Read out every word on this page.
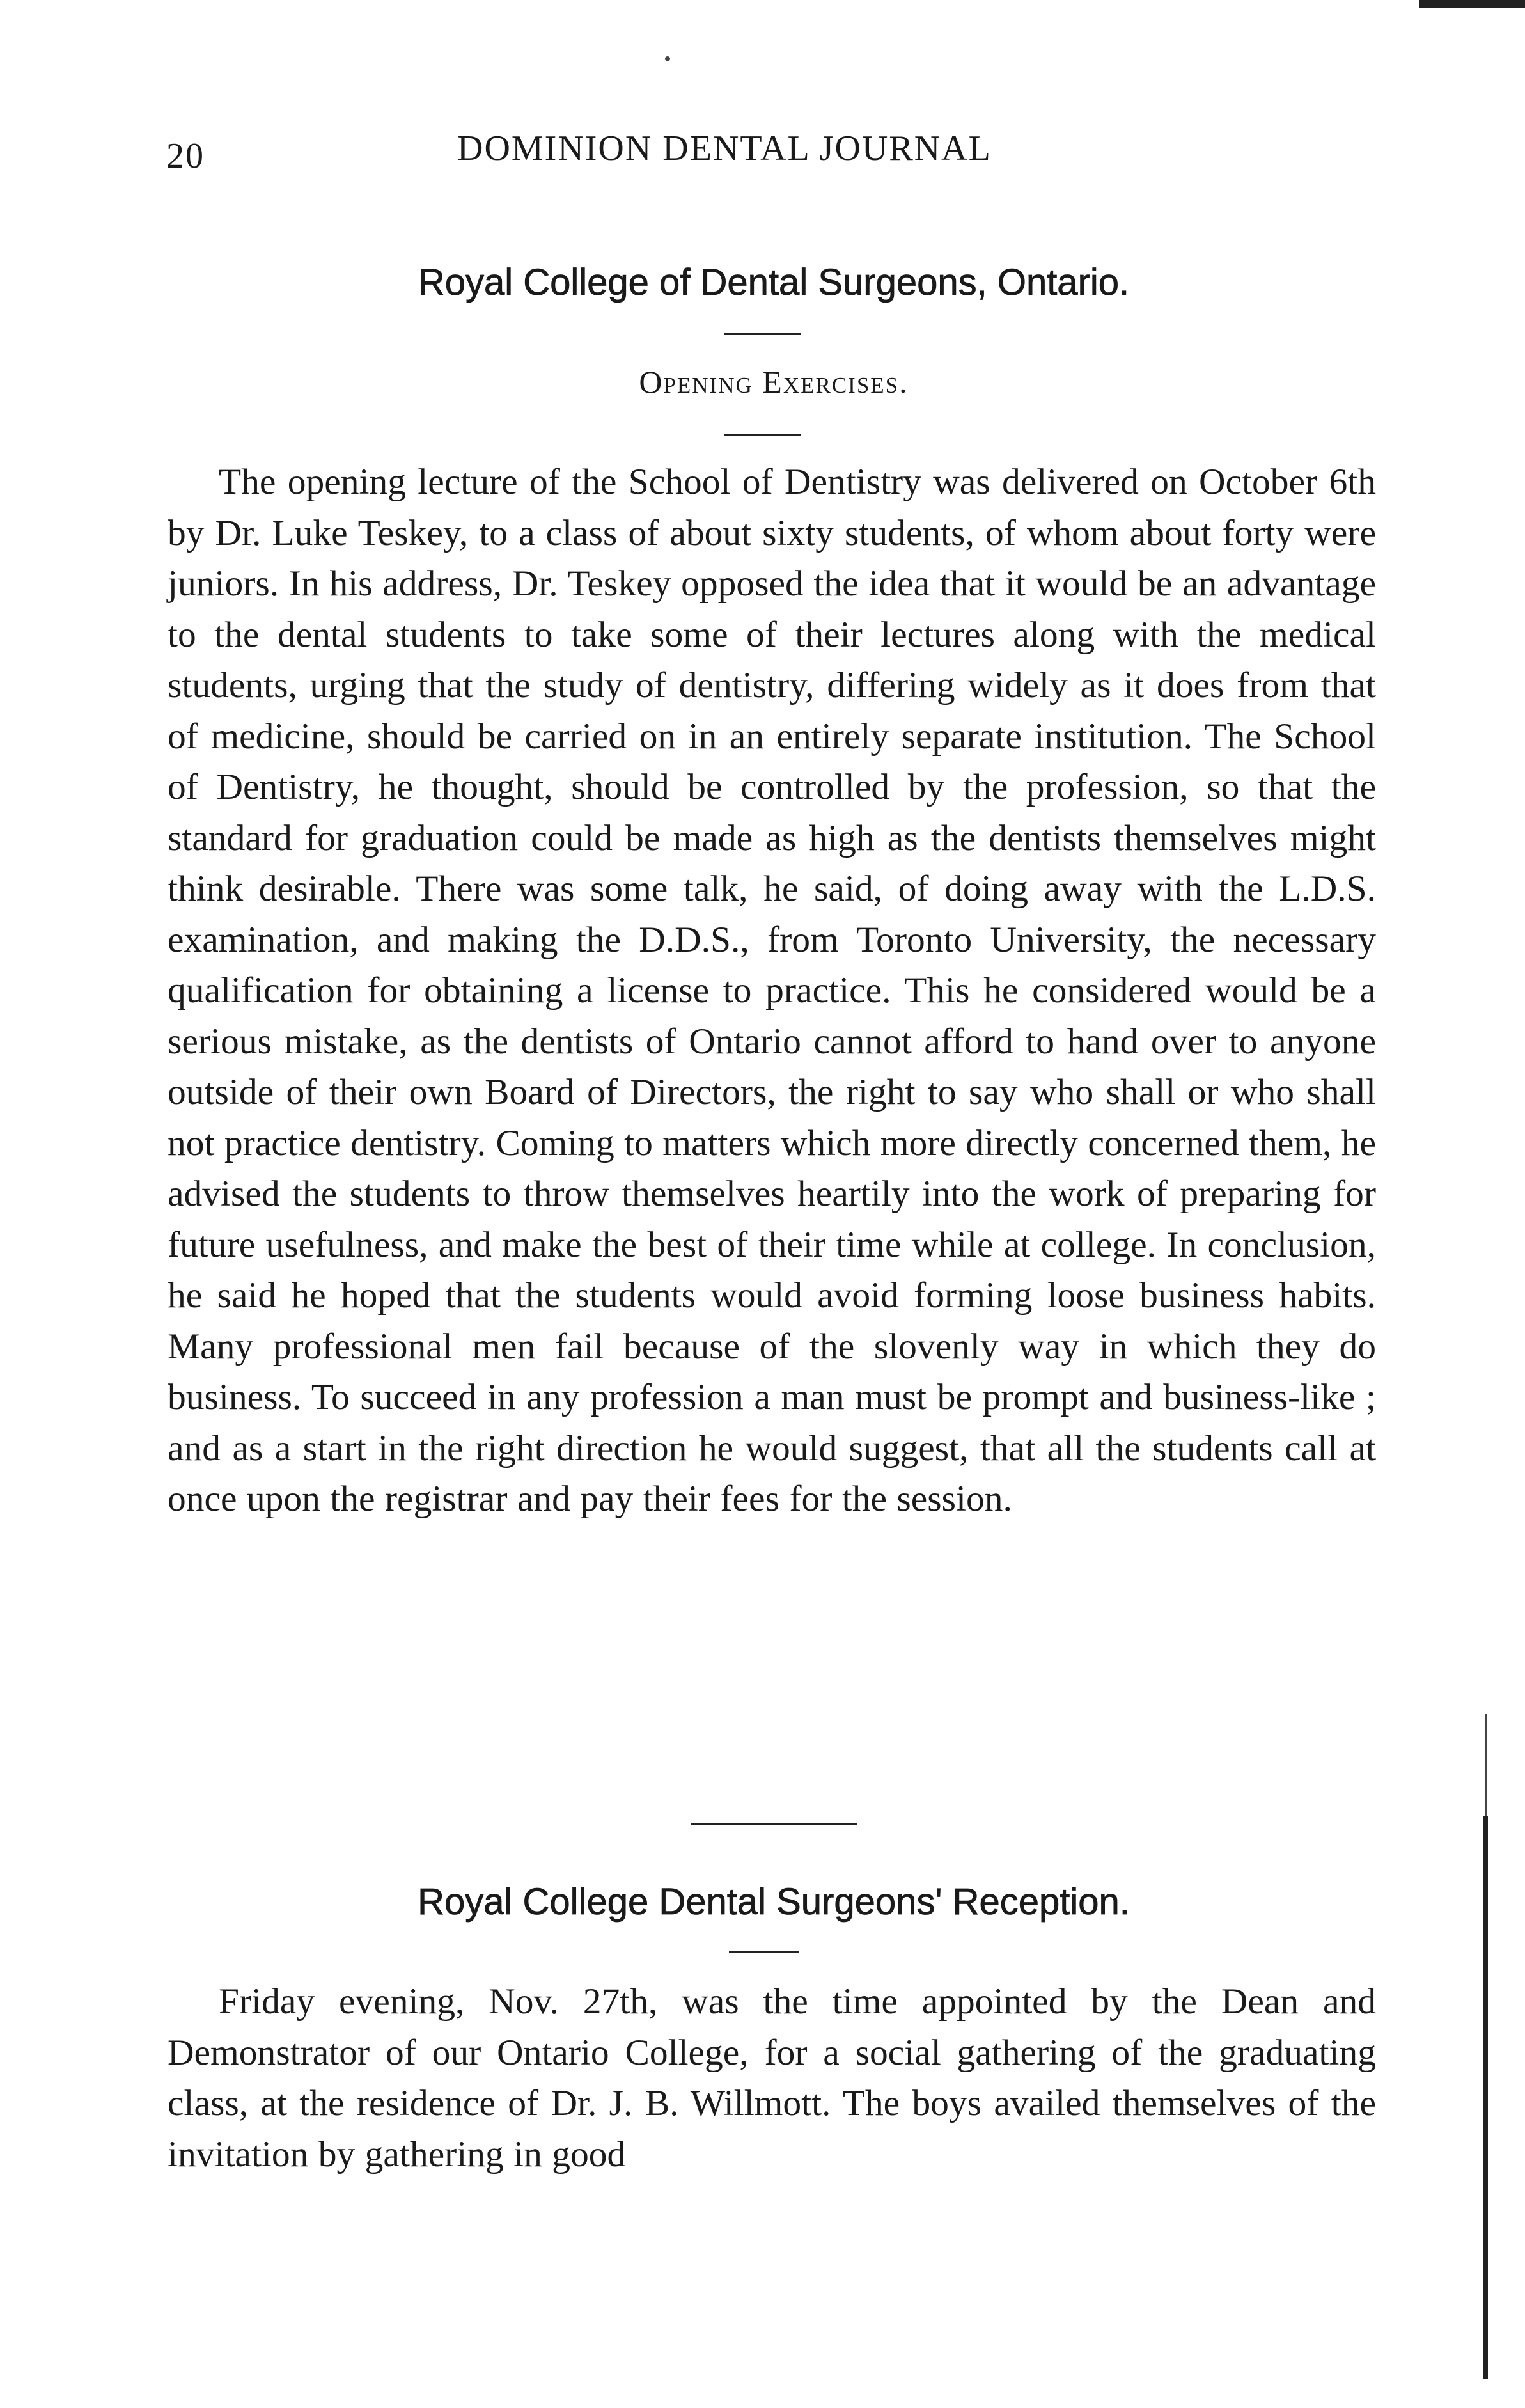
20	DOMINION DENTAL JOURNAL
Royal College of Dental Surgeons, Ontario.
Opening Exercises.

The opening lecture of the School of Dentistry was delivered on October 6th by Dr. Luke Teskey, to a class of about sixty students, of whom about forty were juniors. In his address, Dr. Teskey opposed the idea that it would be an advantage to the dental students to take some of their lectures along with the medical students, urging that the study of dentistry, differing widely as it does from that of medicine, should be carried on in an entirely separate institution. The School of Dentistry, he thought, should be controlled by the profession, so that the standard for graduation could be made as high as the dentists themselves might think desirable. There was some talk, he said, of doing away with the L.D.S. examination, and making the D.D.S., from Toronto University, the necessary qualification for obtaining a license to practice. This he considered would be a serious mistake, as the dentists of Ontario cannot afford to hand over to anyone outside of their own Board of Directors, the right to say who shall or who shall not practice dentistry. Coming to matters which more directly concerned them, he advised the students to throw themselves heartily into the work of preparing for future usefulness, and make the best of their time while at college. In conclusion, he said he hoped that the students would avoid forming loose business habits. Many professional men fail because of the slovenly way in which they do business. To succeed in any profession a man must be prompt and business-like ; and as a start in the right direction he would suggest, that all the students call at once upon the registrar and pay their fees for the session.

Royal College Dental Surgeons' Reception.

Friday evening, Nov. 27th, was the time appointed by the Dean and Demonstrator of our Ontario College, for a social gathering of the graduating class, at the residence of Dr. J. B. Willmott. The boys availed themselves of the invitation by gathering in good
